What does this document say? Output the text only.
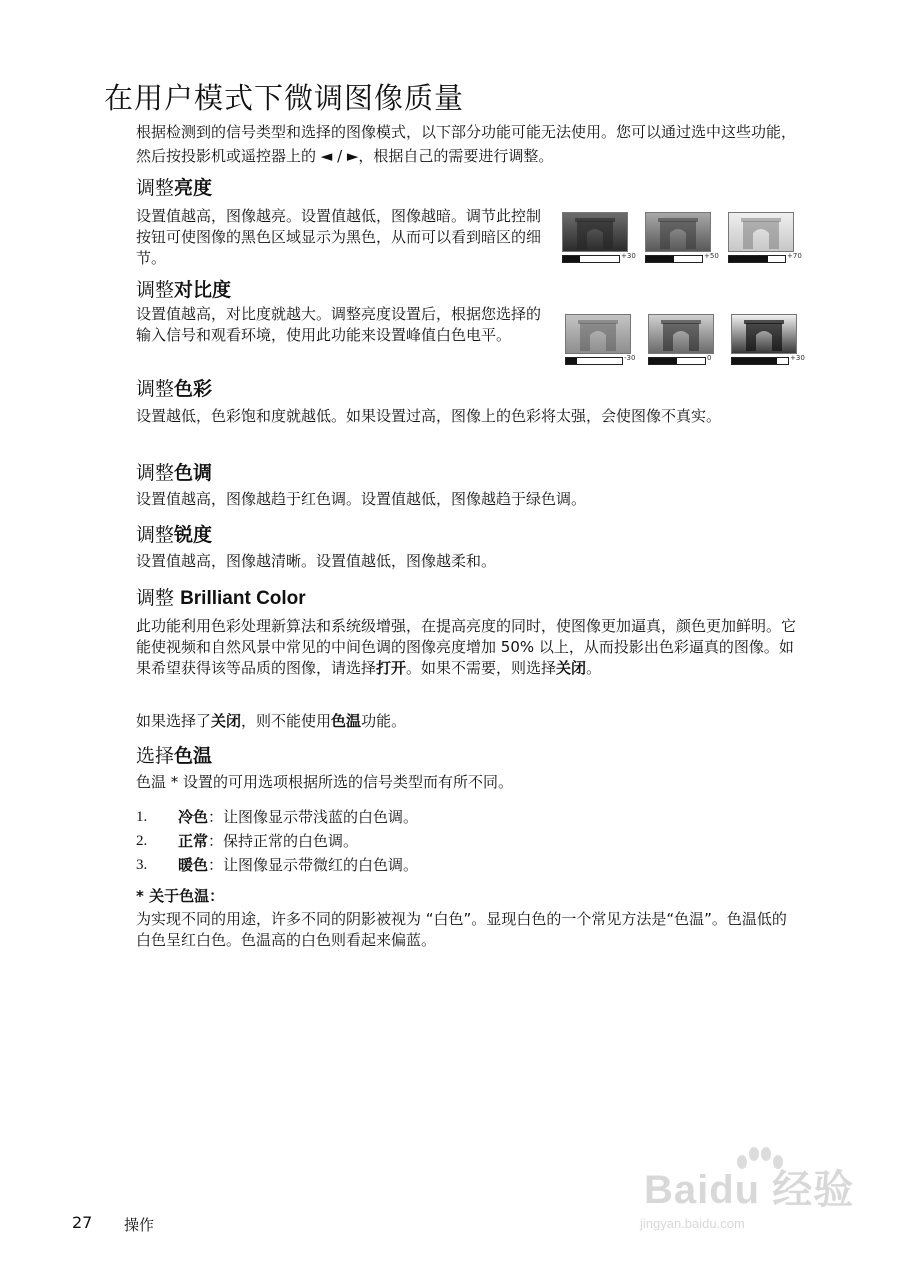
在用户模式下微调图像质量
根据检测到的信号类型和选择的图像模式，以下部分功能可能无法使用。您可以通过选中这些功能，然后按投影机或遥控器上的 ◄ / ►，根据自己的需要进行调整。
调整亮度
设置值越高，图像越亮。设置值越低，图像越暗。调节此控制按钮可使图像的黑色区域显示为黑色，从而可以看到暗区的细节。	+30	+50	+70
调整对比度
设置值越高，对比度就越大。调整亮度设置后，根据您选择的输入信号和观看环境，使用此功能来设置峰值白色电平。
-30	0	+30
调整色彩
设置越低，色彩饱和度就越低。如果设置过高，图像上的色彩将太强，会使图像不真实。
调整色调
设置值越高，图像越趋于红色调。设置值越低，图像越趋于绿色调。
调整锐度
设置值越高，图像越清晰。设置值越低，图像越柔和。
调整 Brilliant Color
此功能利用色彩处理新算法和系统级增强，在提高亮度的同时，使图像更加逼真，颜色更加鲜明。它能使视频和自然风景中常见的中间色调的图像亮度增加 50% 以上，从而投影出色彩逼真的图像。如果希望获得该等品质的图像，请选择打开。如果不需要，则选择关闭。
如果选择了关闭，则不能使用色温功能。
选择色温
色温 * 设置的可用选项根据所选的信号类型而有所不同。
1. 冷色：让图像显示带浅蓝的白色调。
2. 正常：保持正常的白色调。
3. 暖色：让图像显示带微红的白色调。
* 关于色温：
为实现不同的用途，许多不同的阴影被视为 “白色”。显现白色的一个常见方法是“色温”。色温低的白色呈红白色。色温高的白色则看起来偏蓝。
27 操作
Baidu 经验
jingyan.baidu.com
